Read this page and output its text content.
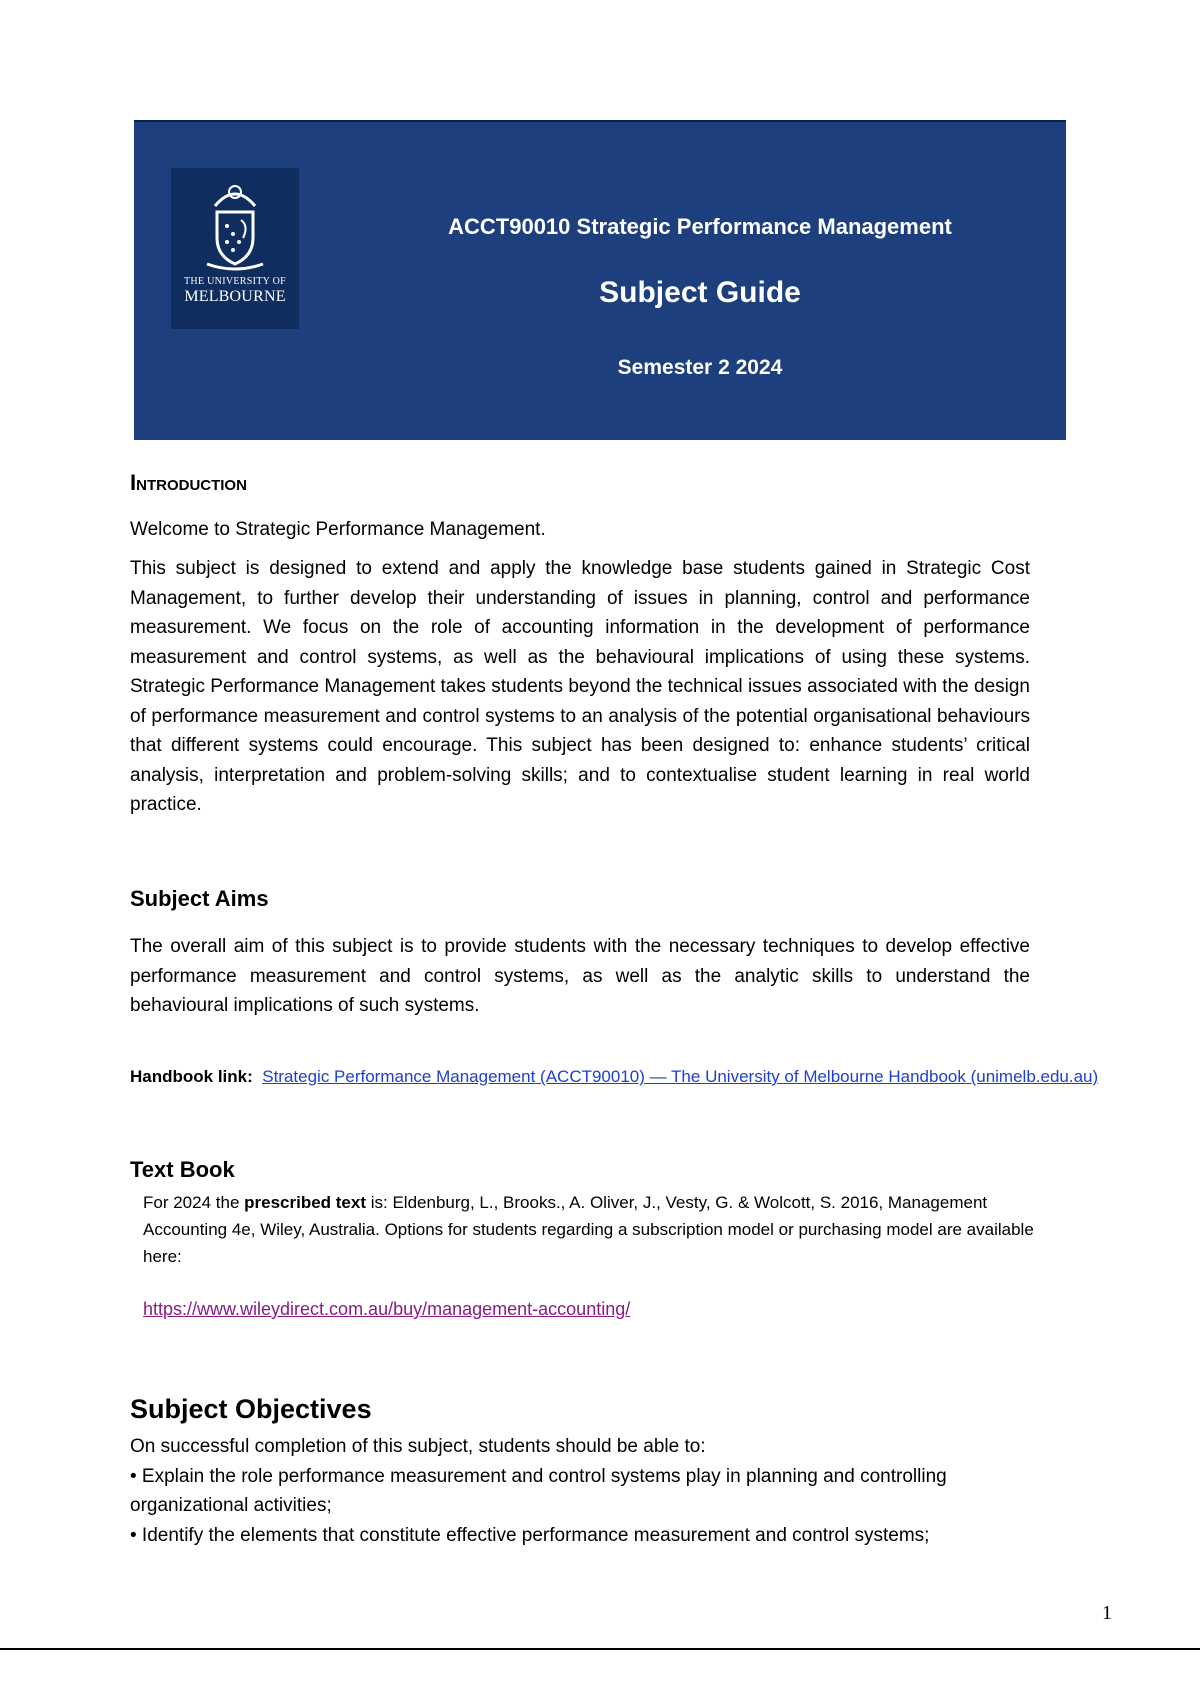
THE UNIVERSITY OF
MELBOURNE
ACCT90010 Strategic Performance Management
Subject Guide
Semester 2 2024
Introduction

Welcome to Strategic Performance Management.

This subject is designed to extend and apply the knowledge base students gained in Strategic Cost Management, to further develop their understanding of issues in planning, control and performance measurement. We focus on the role of accounting information in the development of performance measurement and control systems, as well as the behavioural implications of using these systems. Strategic Performance Management takes students beyond the technical issues associated with the design of performance measurement and control systems to an analysis of the potential organisational behaviours that different systems could encourage. This subject has been designed to: enhance students’ critical analysis, interpretation and problem-solving skills; and to contextualise student learning in real world practice.

Subject Aims

The overall aim of this subject is to provide students with the necessary techniques to develop effective performance measurement and control systems, as well as the analytic skills to understand the behavioural implications of such systems.

Handbook link: Strategic Performance Management (ACCT90010) — The University of Melbourne Handbook (unimelb.edu.au)
Text Book
For 2024 the prescribed text is: Eldenburg, L., Brooks., A. Oliver, J., Vesty, G. & Wolcott, S. 2016, Management Accounting 4e, Wiley, Australia. Options for students regarding a subscription model or purchasing model are available here:
https://www.wileydirect.com.au/buy/management-accounting/
Subject Objectives

On successful completion of this subject, students should be able to:

• Explain the role performance measurement and control systems play in planning and controlling organizational activities;

• Identify the elements that constitute effective performance measurement and control systems;

1
